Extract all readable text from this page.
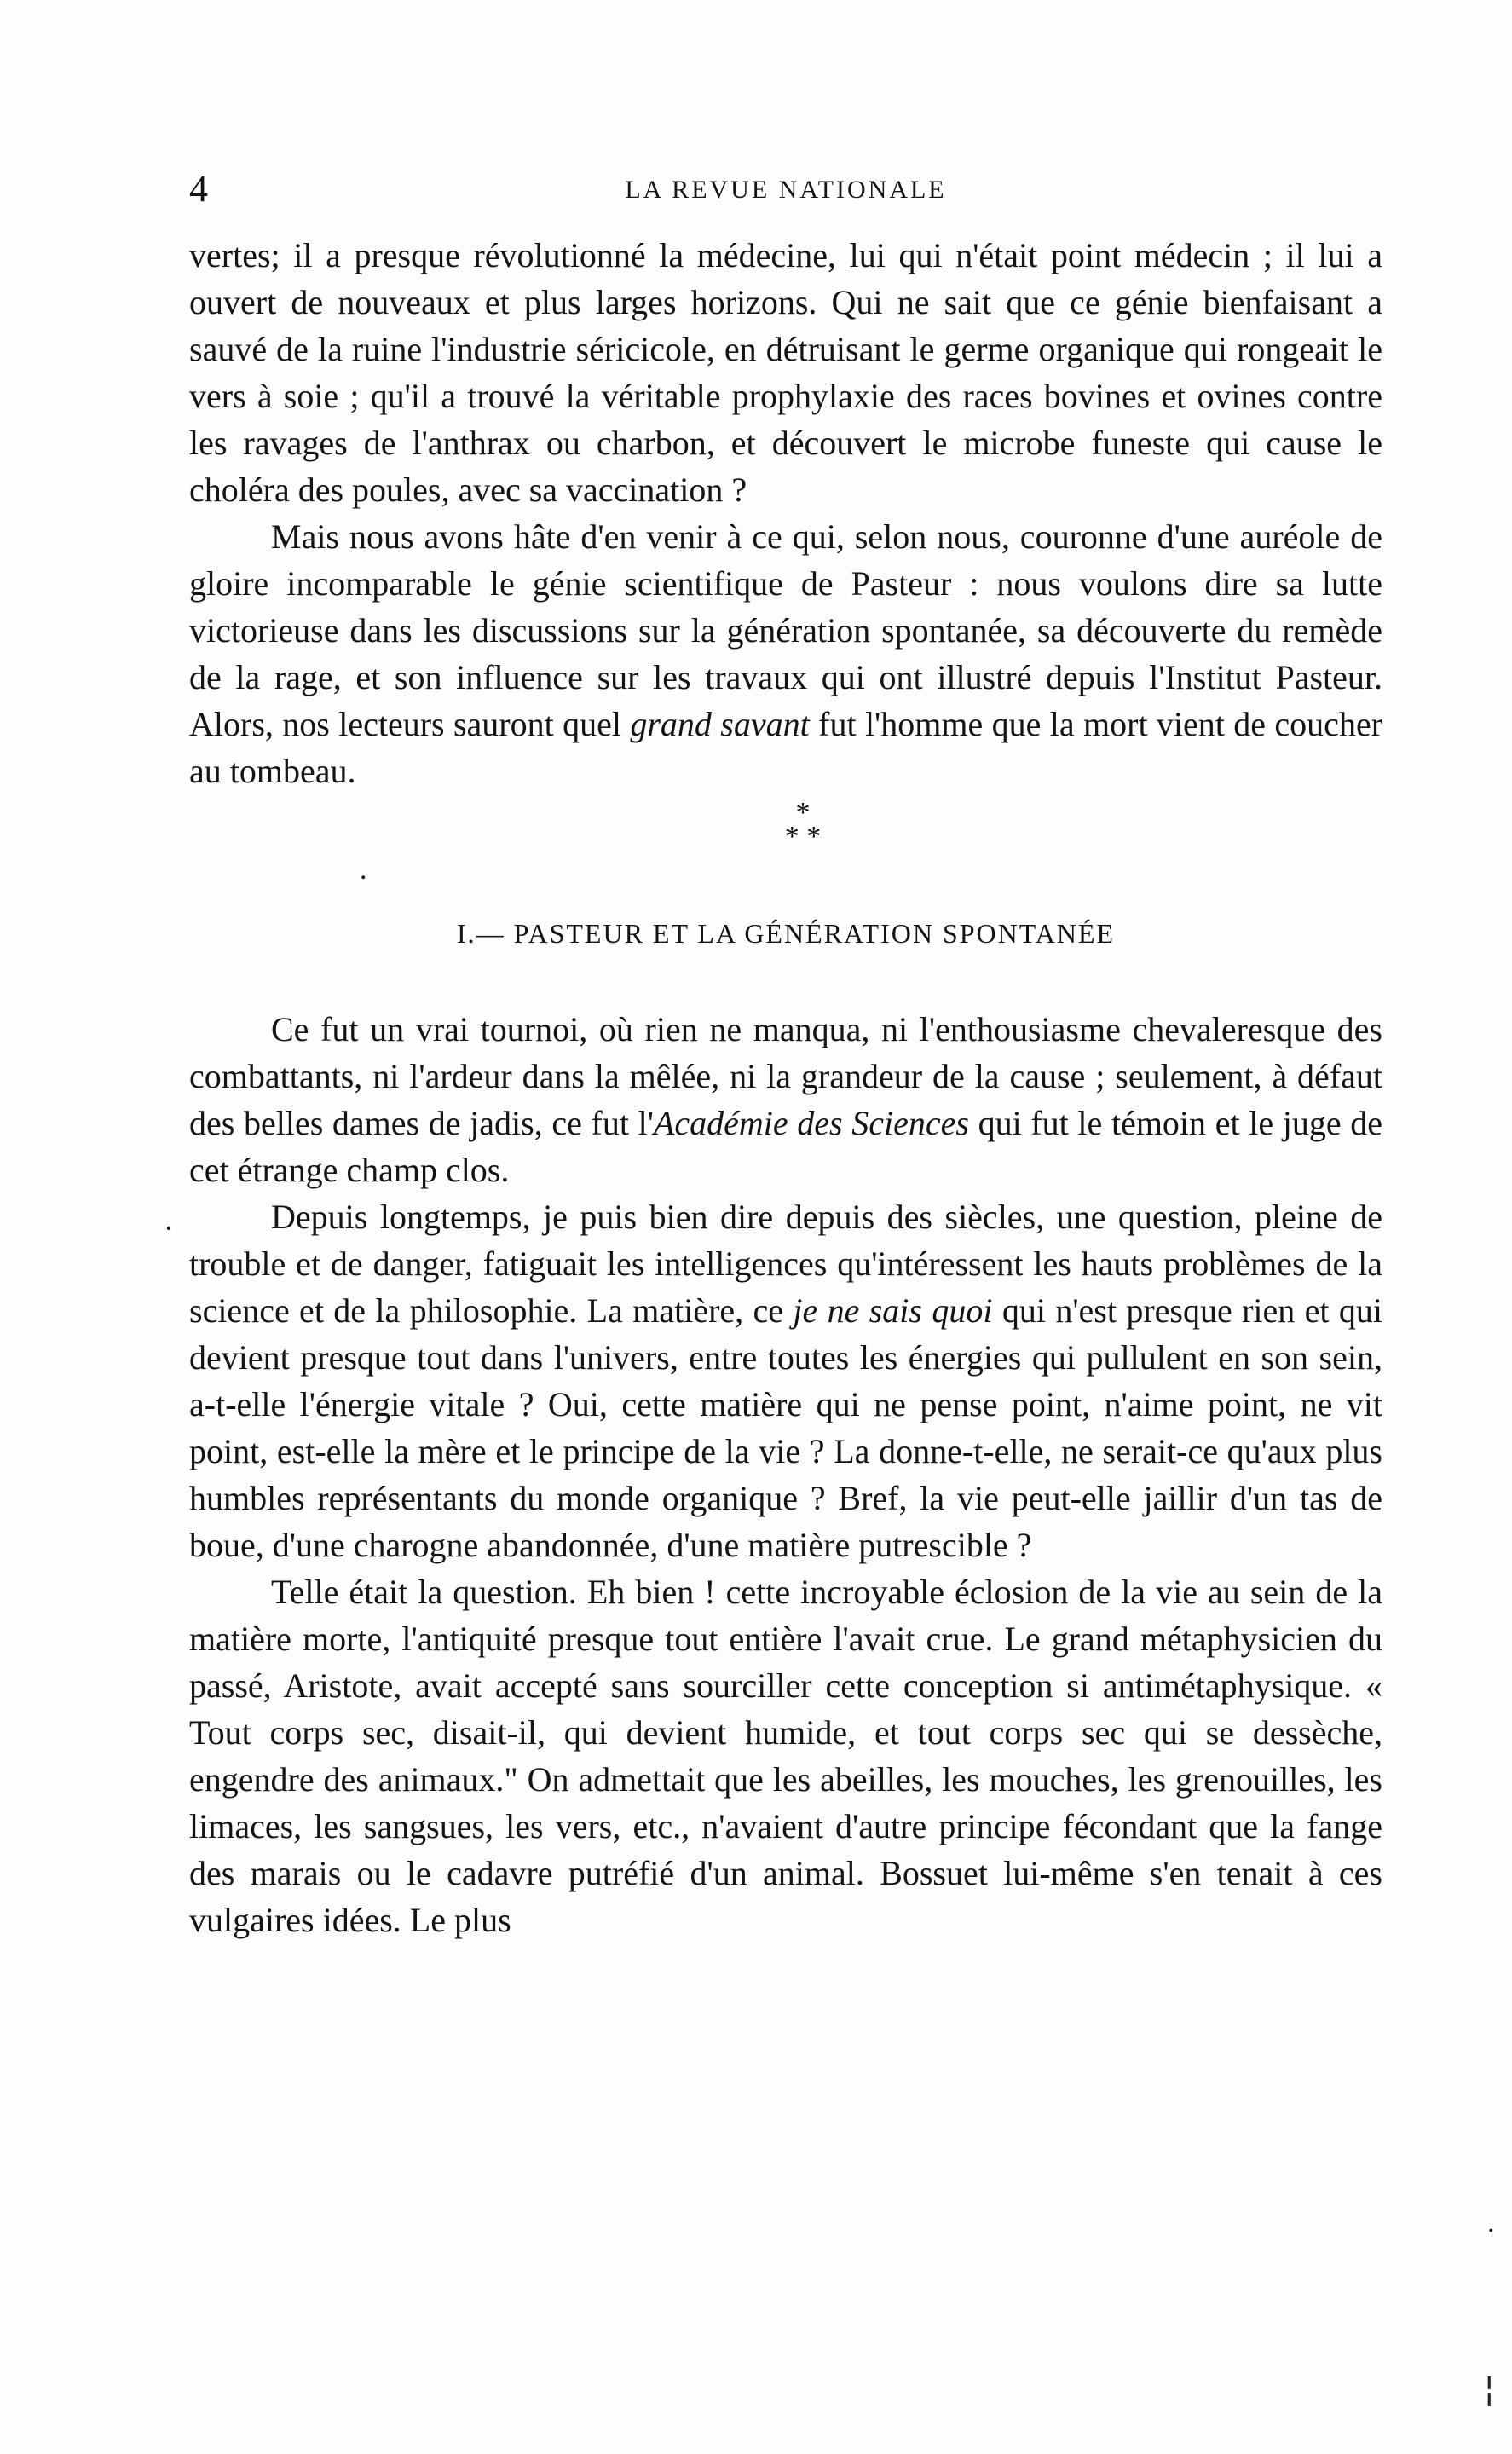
4	LA REVUE NATIONALE

vertes; il a presque révolutionné la médecine, lui qui n'était point médecin ; il lui a ouvert de nouveaux et plus larges horizons. Qui ne sait que ce génie bienfaisant a sauvé de la ruine l'industrie séricicole, en détruisant le germe organique qui rongeait le vers à soie ; qu'il a trouvé la véritable prophylaxie des races bovines et ovines contre les ravages de l'anthrax ou charbon, et découvert le microbe funeste qui cause le choléra des poules, avec sa vaccination ?

Mais nous avons hâte d'en venir à ce qui, selon nous, couronne d'une auréole de gloire incomparable le génie scientifique de Pasteur : nous voulons dire sa lutte victorieuse dans les discussions sur la génération spontanée, sa découverte du remède de la rage, et son influence sur les travaux qui ont illustré depuis l'Institut Pasteur. Alors, nos lecteurs sauront quel grand savant fut l'homme que la mort vient de coucher au tombeau.

*
* *
.
I.— PASTEUR ET LA GÉNÉRATION SPONTANÉE
·

Ce fut un vrai tournoi, où rien ne manqua, ni l'enthousiasme chevaleresque des combattants, ni l'ardeur dans la mêlée, ni la grandeur de la cause ; seulement, à défaut des belles dames de jadis, ce fut l'Académie des Sciences qui fut le témoin et le juge de cet étrange champ clos.

Depuis longtemps, je puis bien dire depuis des siècles, une question, pleine de trouble et de danger, fatiguait les intelligences qu'intéressent les hauts problèmes de la science et de la philosophie. La matière, ce je ne sais quoi qui n'est presque rien et qui devient presque tout dans l'univers, entre toutes les énergies qui pullulent en son sein, a-t-elle l'énergie vitale ? Oui, cette matière qui ne pense point, n'aime point, ne vit point, est-elle la mère et le principe de la vie ? La donne-t-elle, ne serait-ce qu'aux plus humbles représentants du monde organique ? Bref, la vie peut-elle jaillir d'un tas de boue, d'une charogne abandonnée, d'une matière putrescible ?

Telle était la question. Eh bien ! cette incroyable éclosion de la vie au sein de la matière morte, l'antiquité presque tout entière l'avait crue. Le grand métaphysicien du passé, Aristote, avait accepté sans sourciller cette conception si antimétaphysique. « Tout corps sec, disait-il, qui devient humide, et tout corps sec qui se dessèche, engendre des animaux." On admettait que les abeilles, les mouches, les grenouilles, les limaces, les sangsues, les vers, etc., n'avaient d'autre principe fécondant que la fange des marais ou le cadavre putréfié d'un animal. Bossuet lui-même s'en tenait à ces vulgaires idées. Le plus

·
¦
